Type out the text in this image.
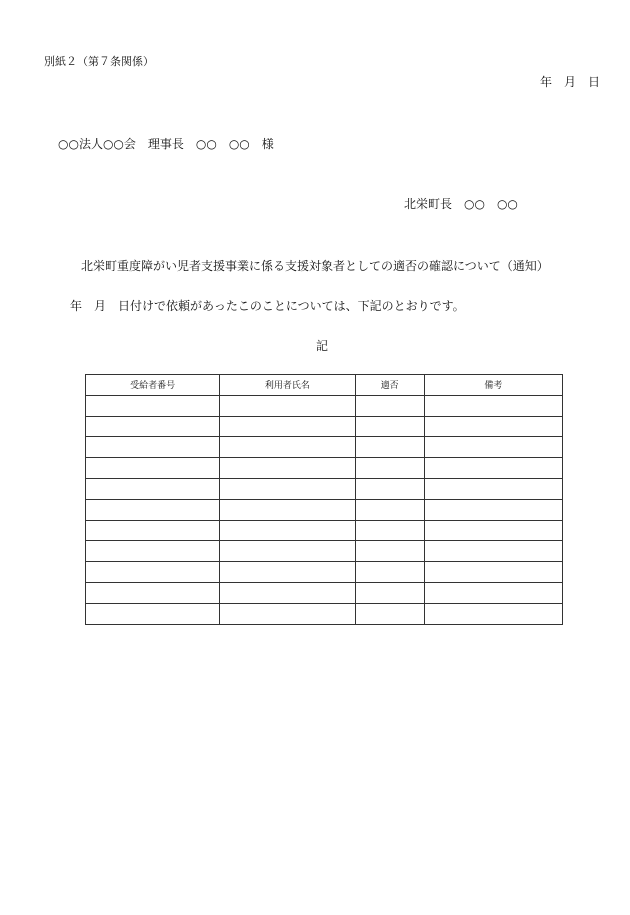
別紙２（第７条関係）
年　月　日
○○法人○○会　理事長　○○　○○　様
北栄町長　○○　○○
北栄町重度障がい児者支援事業に係る支援対象者としての適否の確認について（通知）
年　月　日付けで依頼があったこのことについては、下記のとおりです。
記
受給者番号	利用者氏名	適否	備考
